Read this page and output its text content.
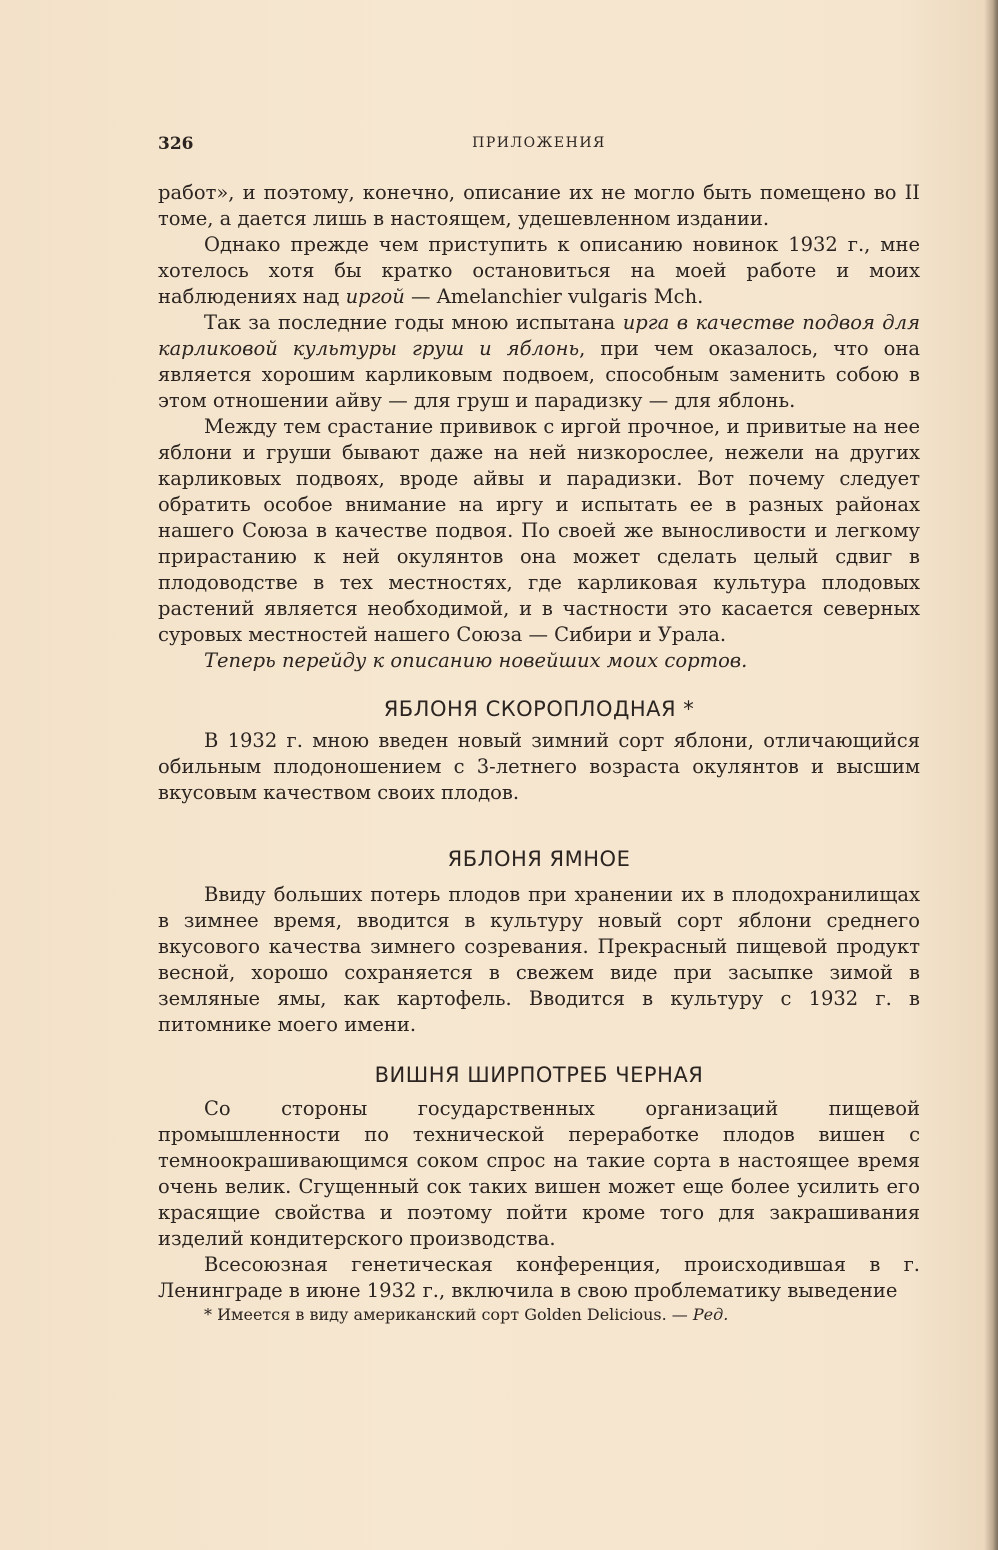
326	ПРИЛОЖЕНИЯ

работ», и поэтому, конечно, описание их не могло быть помещено во II томе, а дается лишь в настоящем, удешевленном издании.

Однако прежде чем приступить к описанию новинок 1932 г., мне хотелось хотя бы кратко остановиться на моей работе и моих наблюдениях над иргой — Amelanchier vulgaris Mch.

Так за последние годы мною испытана ирга в качестве подвоя для карликовой культуры груш и яблонь, при чем оказалось, что она является хорошим карликовым подвоем, способным заменить собою в этом отношении айву — для груш и парадизку — для яблонь.

Между тем срастание прививок с иргой прочное, и привитые на нее яблони и груши бывают даже на ней низкорослее, нежели на других карликовых подвоях, вроде айвы и парадизки. Вот почему следует обратить особое внимание на иргу и испытать ее в разных районах нашего Союза в качестве подвоя. По своей же выносливости и легкому прирастанию к ней окулянтов она может сделать целый сдвиг в плодоводстве в тех местностях, где карликовая культура плодовых растений является необходимой, и в частности это касается северных суровых местностей нашего Союза — Сибири и Урала.

Теперь перейду к описанию новейших моих сортов.

ЯБЛОНЯ СКОРОПЛОДНАЯ *

В 1932 г. мною введен новый зимний сорт яблони, отличающийся обильным плодоношением с 3-летнего возраста окулянтов и высшим вкусовым качеством своих плодов.

ЯБЛОНЯ ЯМНОЕ

Ввиду больших потерь плодов при хранении их в плодохранилищах в зимнее время, вводится в культуру новый сорт яблони среднего вкусового качества зимнего созревания. Прекрасный пищевой продукт весной, хорошо сохраняется в свежем виде при засыпке зимой в земляные ямы, как картофель. Вводится в культуру с 1932 г. в питомнике моего имени.

ВИШНЯ ШИРПОТРЕБ ЧЕРНАЯ

Со стороны государственных организаций пищевой промышленности по технической переработке плодов вишен с темноокрашивающимся соком спрос на такие сорта в настоящее время очень велик. Сгущенный сок таких вишен может еще более усилить его красящие свойства и поэтому пойти кроме того для закрашивания изделий кондитерского производства.

Всесоюзная генетическая конференция, происходившая в г. Ленинграде в июне 1932 г., включила в свою проблематику выведение

* Имеется в виду американский сорт Golden Delicious. — Ред.
